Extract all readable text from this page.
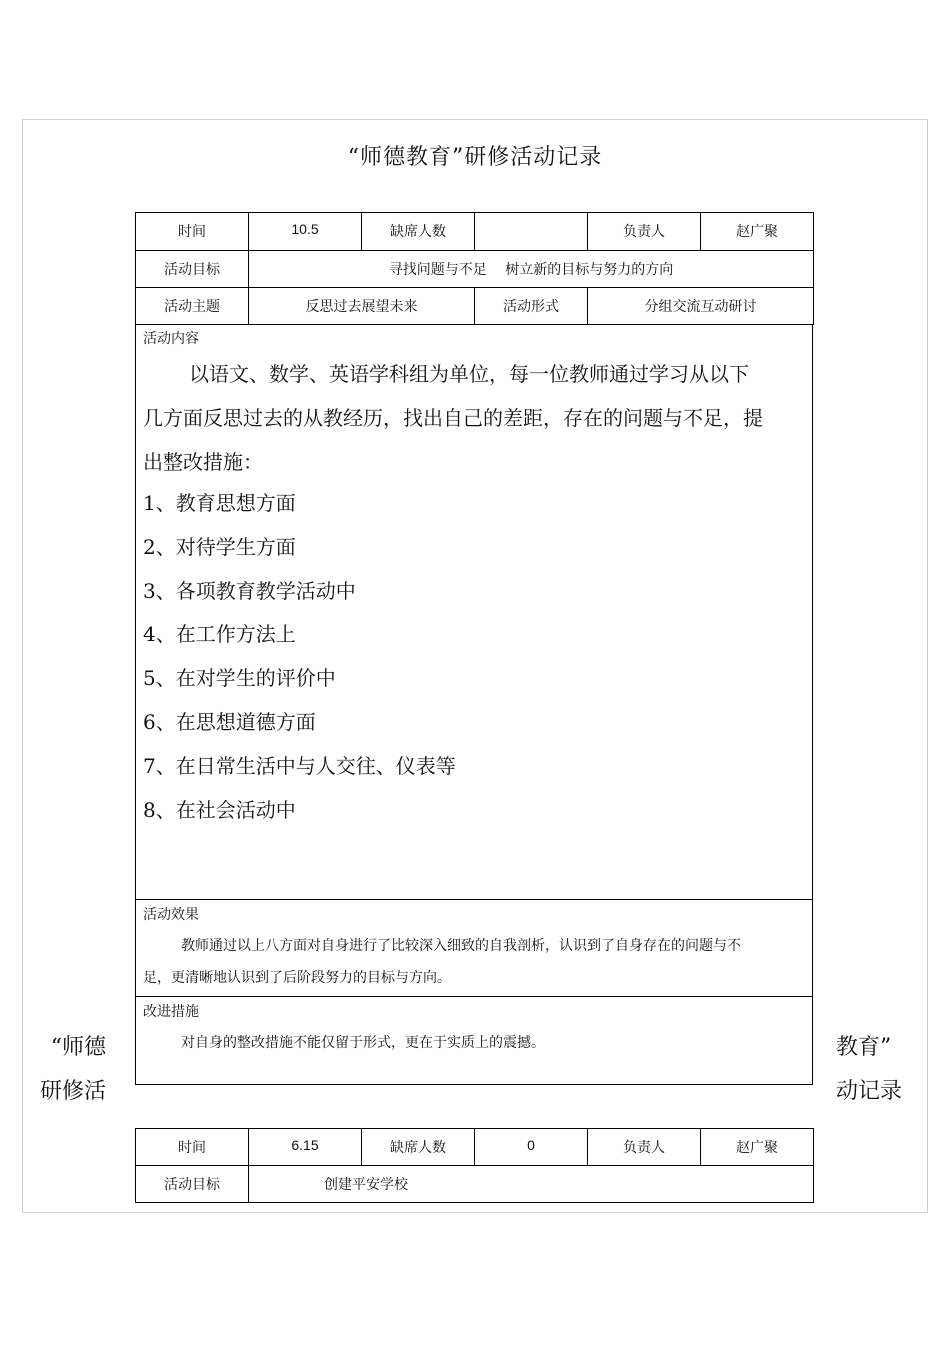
“师德教育”研修活动记录
时间	10.5	缺席人数		负责人	赵广聚
活动目标	寻找问题与不足　 树立新的目标与努力的方向				
活动主题	反思过去展望未来		活动形式	分组交流互动研讨	
活动内容

以语文、数学、英语学科组为单位，每一位教师通过学习从以下几方面反思过去的从教经历，找出自己的差距，存在的问题与不足，提出整改措施：

1、教育思想方面
2、对待学生方面
3、各项教育教学活动中
4、在工作方法上
5、在对学生的评价中
6、在思想道德方面
7、在日常生活中与人交往、仪表等
8、在社会活动中
活动效果

教师通过以上八方面对自身进行了比较深入细致的自我剖析，认识到了自身存在的问题与不足，更清晰地认识到了后阶段努力的目标与方向。

改进措施

对自身的整改措施不能仅留于形式，更在于实质上的震撼。

“师德
研修活
教育”
动记录
时间	6.15	缺席人数	0	负责人	赵广聚
活动目标	创建平安学校				
